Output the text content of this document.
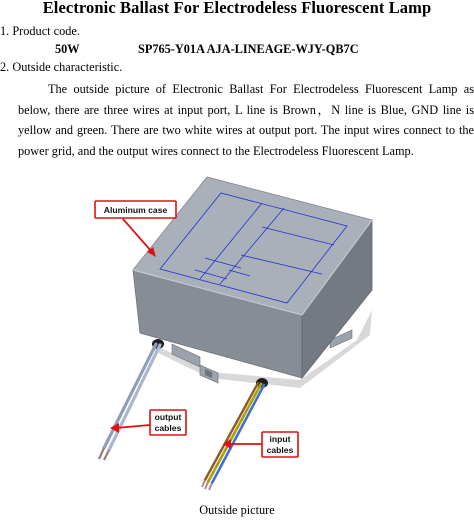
Electronic Ballast For Electrodeless Fluorescent Lamp
1. Product code.
50W	SP765-Y01A AJA-LINEAGE-WJY-QB7C
2. Outside characteristic.
The outside picture of Electronic Ballast For Electrodeless Fluorescent Lamp as below, there are three wires at input port, L line is Brown，N line is Blue, GND line is yellow and green. There are two white wires at output port. The input wires connect to the power grid, and the output wires connect to the Electrodeless Fluorescent Lamp.
Aluminum case
output
cables
input
cables
Outside picture
